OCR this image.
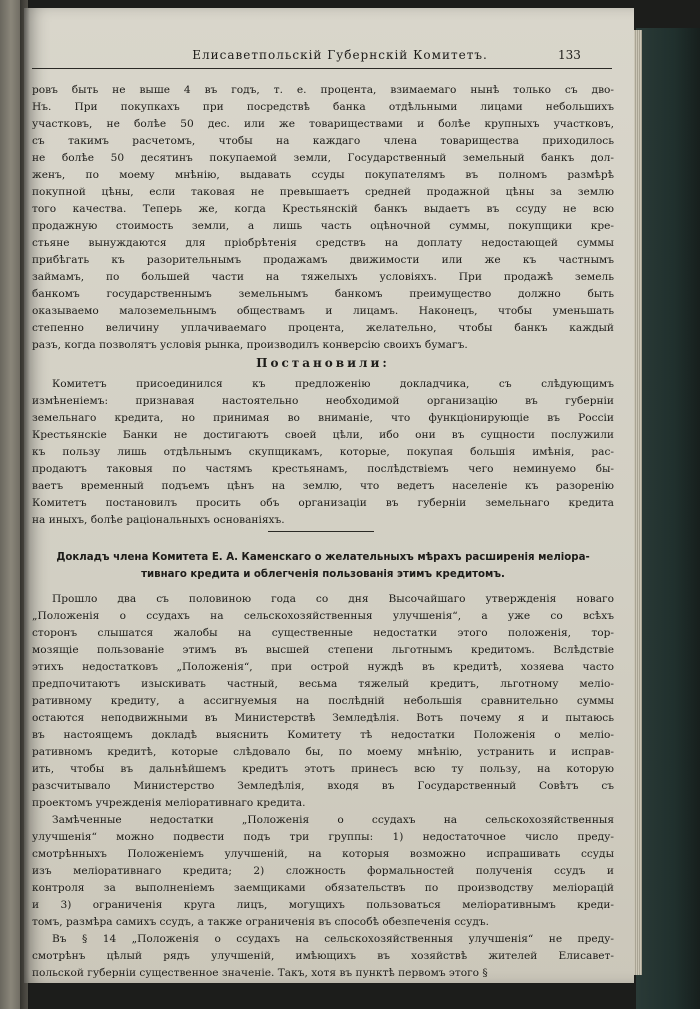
Елисаветпольскій Губернскій Комитетъ.	133
ровъ быть не выше 4 въ годъ, т. е. процента, взимаемаго нынѣ только съ дво-
Нъ. При покупкахъ при посредствѣ банка отдѣльными лицами небольшихъ
участковъ, не болѣе 50 дес. или же товариществами и болѣе крупныхъ участковъ,
съ такимъ расчетомъ, чтобы на каждаго члена товарищества приходилось
не болѣе 50 десятинъ покупаемой земли, Государственный земельный банкъ дол-
женъ, по моему мнѣнію, выдавать ссуды покупателямъ въ полномъ размѣрѣ
покупной цѣны, если таковая не превышаетъ средней продажной цѣны за землю
того качества. Теперь же, когда Крестьянскій банкъ выдаетъ въ ссуду не всю
продажную стоимость земли, а лишь часть оцѣночной суммы, покупщики кре-
стьяне вынуждаются для пріобрѣтенія средствъ на доплату недостающей суммы
прибѣгать къ разорительнымъ продажамъ движимости или же къ частнымъ
займамъ, по большей части на тяжелыхъ условіяхъ. При продажѣ земель
банкомъ государственнымъ земельнымъ банкомъ преимущество должно быть
оказываемо малоземельнымъ обществамъ и лицамъ. Наконецъ, чтобы уменьшать
степенно величину уплачиваемаго процента, желательно, чтобы банкъ каждый
разъ, когда позволятъ условія рынка, производилъ конверсію своихъ бумагъ.
Постановили:
Комитетъ присоединился къ предложенію докладчика, съ слѣдующимъ
измѣненіемъ: признавая настоятельно необходимой организацію въ губерніи
земельнаго кредита, но принимая во вниманіе, что функціонирующіе въ Россіи
Крестьянскіе Банки не достигаютъ своей цѣли, ибо они въ сущности послужили
къ пользу лишь отдѣльнымъ скупщикамъ, которые, покупая большія имѣнія, рас-
продаютъ таковыя по частямъ крестьянамъ, послѣдствіемъ чего неминуемо бы-
ваетъ временный подъемъ цѣнъ на землю, что ведетъ населеніе къ разоренію
Комитетъ постановилъ просить объ организаціи въ губерніи земельнаго кредита
на иныхъ, болѣе раціональныхъ основаніяхъ.
Докладъ члена Комитета Е. А. Каменскаго о желательныхъ мѣрахъ расширенія меліора-
тивнаго кредита и облегченія пользованія этимъ кредитомъ.
Прошло два съ половиною года со дня Высочайшаго утвержденія новаго
„Положенія о ссудахъ на сельскохозяйственныя улучшенія“, а уже со всѣхъ
сторонъ слышатся жалобы на существенные недостатки этого положенія, тор-
мозящіе пользованіе этимъ въ высшей степени льготнымъ кредитомъ. Вслѣдствіе
этихъ недостатковъ „Положенія“, при острой нуждѣ въ кредитѣ, хозяева часто
предпочитаютъ изыскивать частный, весьма тяжелый кредитъ, льготному меліо-
ративному кредиту, а ассигнуемыя на послѣдній небольшія сравнительно суммы
остаются неподвижными въ Министерствѣ Земледѣлія. Вотъ почему я и пытаюсь
въ настоящемъ докладѣ выяснить Комитету тѣ недостатки Положенія о меліо-
ративномъ кредитѣ, которые слѣдовало бы, по моему мнѣнію, устранить и исправ-
ить, чтобы въ дальнѣйшемъ кредитъ этотъ принесъ всю ту пользу, на которую
разсчитывало Министерство Земледѣлія, входя въ Государственный Совѣтъ съ
проектомъ учрежденія меліоративнаго кредита.
Замѣченные недостатки „Положенія о ссудахъ на сельскохозяйственныя
улучшенія“ можно подвести подъ три группы: 1) недостаточное число преду-
смотрѣнныхъ Положеніемъ улучшеній, на которыя возможно испрашивать ссуды
изъ меліоративнаго кредита; 2) сложность формальностей полученія ссудъ и
контроля за выполненіемъ заемщиками обязательствъ по производству меліорацій
и 3) ограниченія круга лицъ, могущихъ пользоваться меліоративнымъ креди-
томъ, размѣра самихъ ссудъ, а также ограниченія въ способѣ обезпеченія ссудъ.
Въ § 14 „Положенія о ссудахъ на сельскохозяйственныя улучшенія“ не преду-
смотрѣнъ цѣлый рядъ улучшеній, имѣющихъ въ хозяйствѣ жителей Елисавет-
польской губерніи существенное значеніе. Такъ, хотя въ пунктѣ первомъ этого §
